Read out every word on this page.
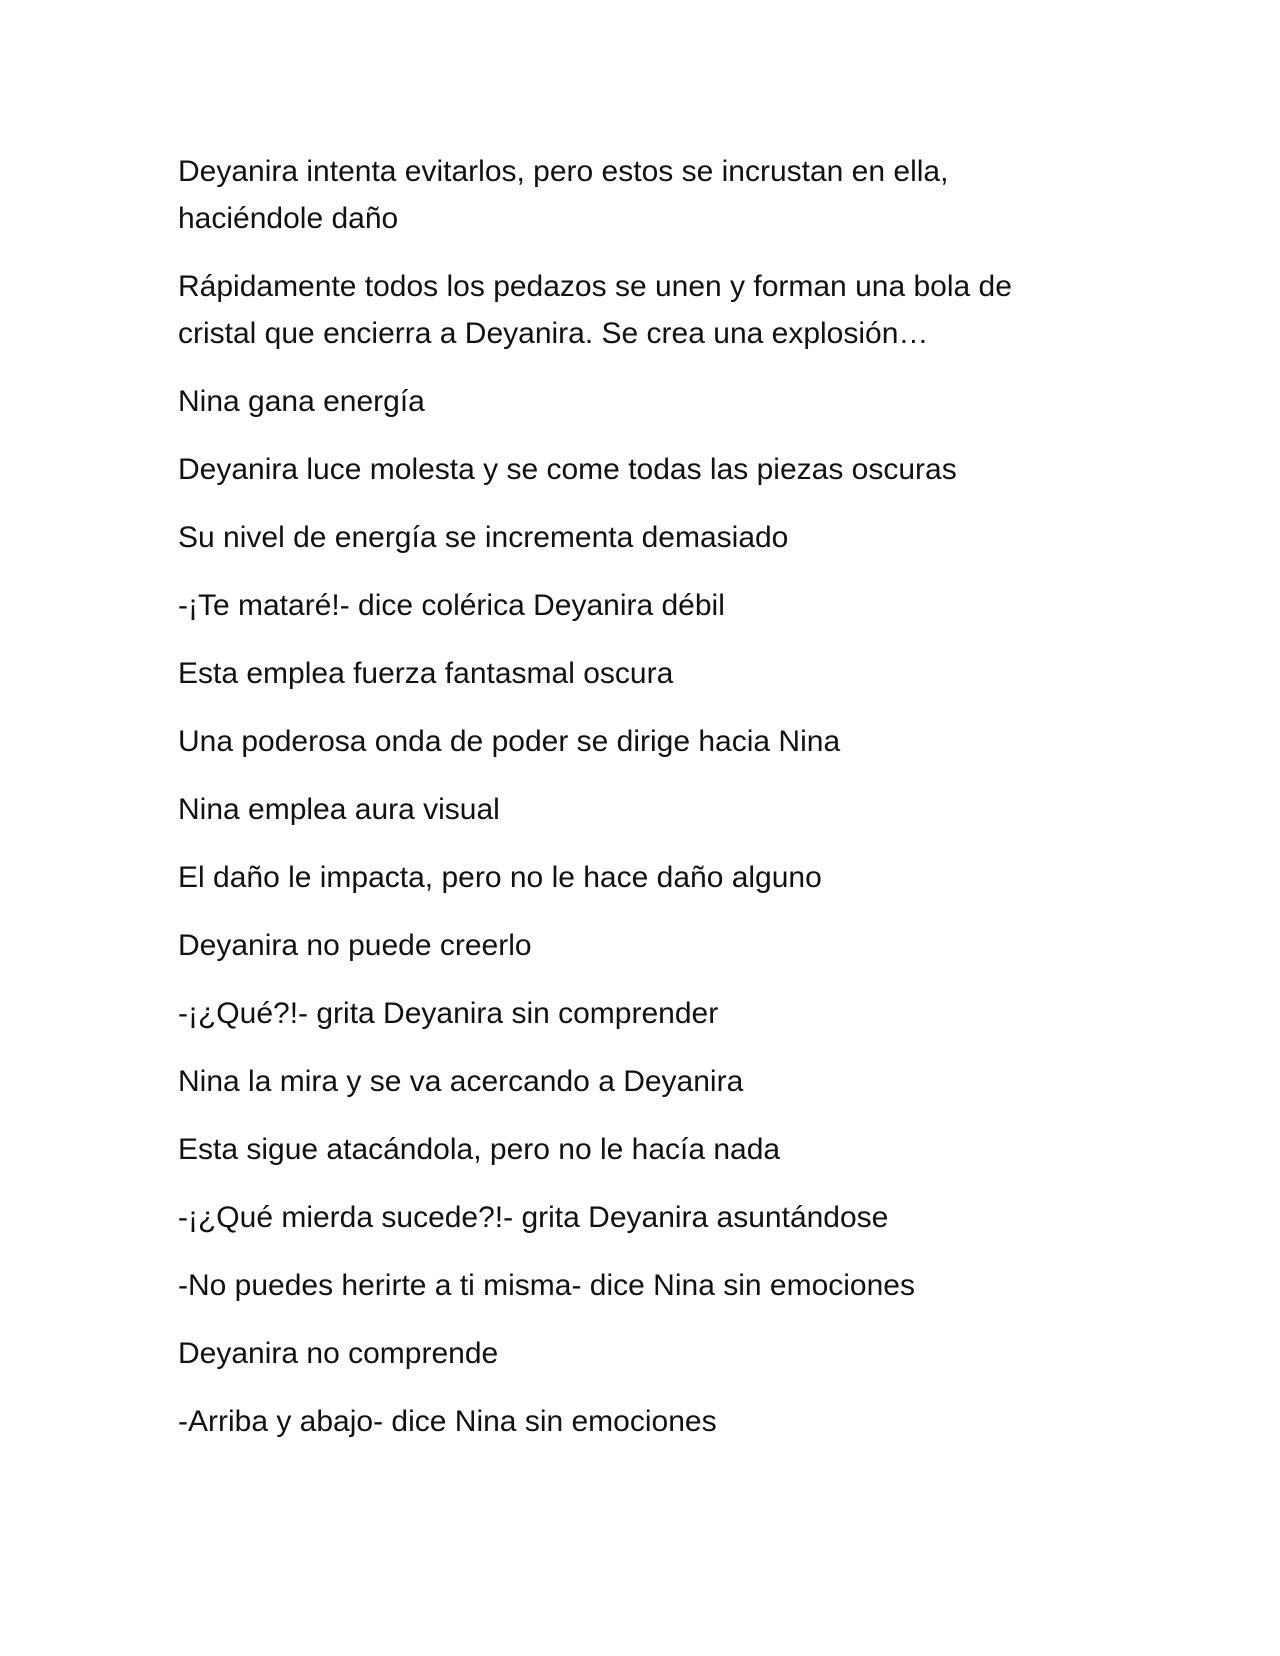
Deyanira intenta evitarlos, pero estos se incrustan en ella, haciéndole daño

Rápidamente todos los pedazos se unen y forman una bola de cristal que encierra a Deyanira. Se crea una explosión…

Nina gana energía

Deyanira luce molesta y se come todas las piezas oscuras

Su nivel de energía se incrementa demasiado

-¡Te mataré!- dice colérica Deyanira débil

Esta emplea fuerza fantasmal oscura

Una poderosa onda de poder se dirige hacia Nina

Nina emplea aura visual

El daño le impacta, pero no le hace daño alguno

Deyanira no puede creerlo

-¡¿Qué?!- grita Deyanira sin comprender

Nina la mira y se va acercando a Deyanira

Esta sigue atacándola, pero no le hacía nada

-¡¿Qué mierda sucede?!- grita Deyanira asuntándose

-No puedes herirte a ti misma- dice Nina sin emociones

Deyanira no comprende

-Arriba y abajo- dice Nina sin emociones
